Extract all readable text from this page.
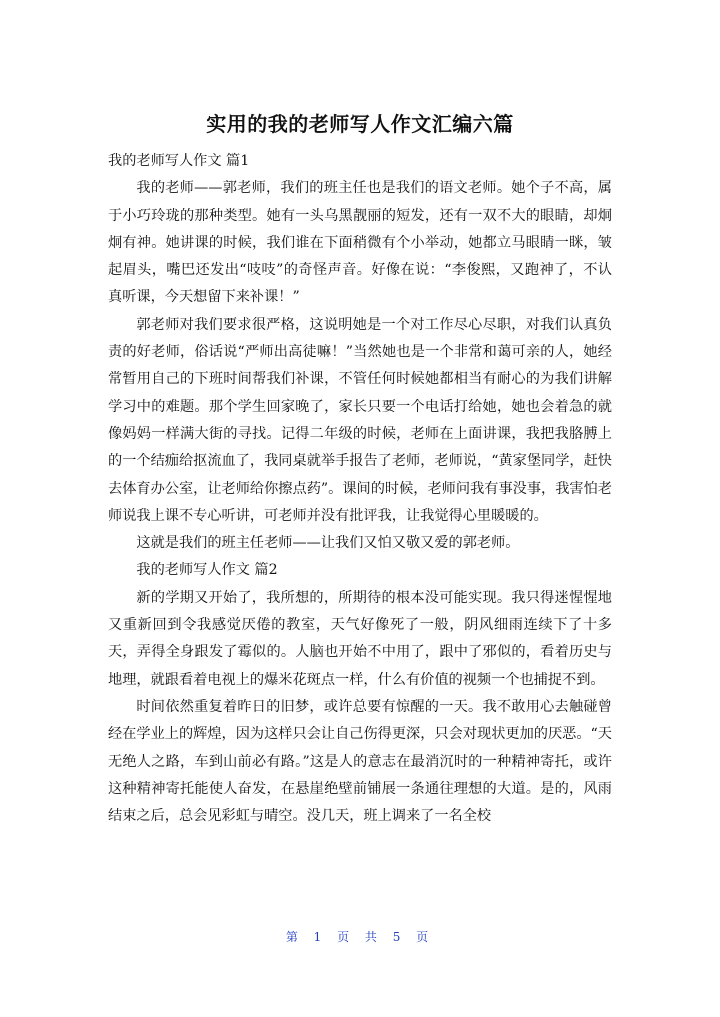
实用的我的老师写人作文汇编六篇

我的老师写人作文 篇1

我的老师——郭老师，我们的班主任也是我们的语文老师。她个子不高，属于小巧玲珑的那种类型。她有一头乌黑靓丽的短发，还有一双不大的眼睛，却炯炯有神。她讲课的时候，我们谁在下面稍微有个小举动，她都立马眼睛一眯，皱起眉头，嘴巴还发出“吱吱”的奇怪声音。好像在说：“李俊熙，又跑神了，不认真听课，今天想留下来补课！”

郭老师对我们要求很严格，这说明她是一个对工作尽心尽职，对我们认真负责的好老师，俗话说“严师出高徒嘛！”当然她也是一个非常和蔼可亲的人，她经常暂用自己的下班时间帮我们补课，不管任何时候她都相当有耐心的为我们讲解学习中的难题。那个学生回家晚了，家长只要一个电话打给她，她也会着急的就像妈妈一样满大街的寻找。记得二年级的时候，老师在上面讲课，我把我胳膊上的一个结痂给抠流血了，我同桌就举手报告了老师，老师说，“黄家堡同学，赶快去体育办公室，让老师给你擦点药”。课间的时候，老师问我有事没事，我害怕老师说我上课不专心听讲，可老师并没有批评我，让我觉得心里暖暖的。

这就是我们的班主任老师——让我们又怕又敬又爱的郭老师。

我的老师写人作文 篇2

新的学期又开始了，我所想的，所期待的根本没可能实现。我只得迷惺惺地又重新回到令我感觉厌倦的教室，天气好像死了一般，阴风细雨连续下了十多天，弄得全身跟发了霉似的。人脑也开始不中用了，跟中了邪似的，看着历史与地理，就跟看着电视上的爆米花斑点一样，什么有价值的视频一个也捕捉不到。

时间依然重复着昨日的旧梦，或许总要有惊醒的一天。我不敢用心去触碰曾经在学业上的辉煌，因为这样只会让自己伤得更深，只会对现状更加的厌恶。“天无绝人之路，车到山前必有路。”这是人的意志在最消沉时的一种精神寄托，或许这种精神寄托能使人奋发，在悬崖绝壁前铺展一条通往理想的大道。是的，风雨结束之后，总会见彩虹与晴空。没几天，班上调来了一名全校

第 1 页 共 5 页
